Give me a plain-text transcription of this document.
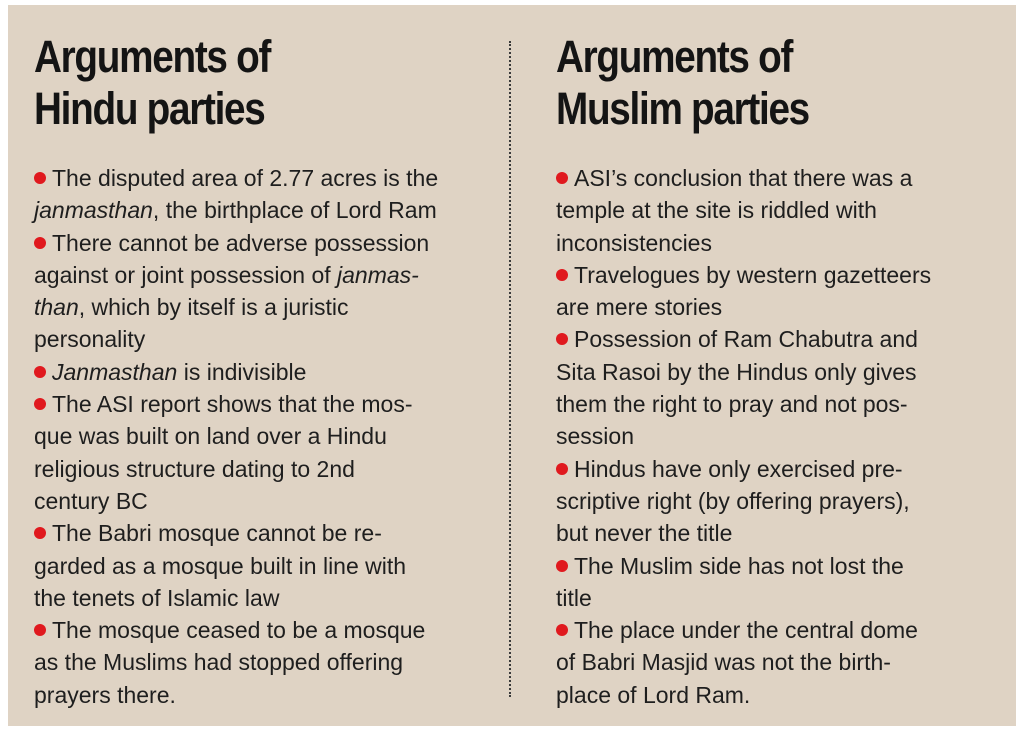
Arguments of
Hindu parties

The disputed area of 2.77 acres is the
janmasthan, the birthplace of Lord Ram

There cannot be adverse possession
against or joint possession of janmas-
than, which by itself is a juristic
personality

Janmasthan is indivisible

The ASI report shows that the mos-
que was built on land over a Hindu
religious structure dating to 2nd
century BC

The Babri mosque cannot be re-
garded as a mosque built in line with
the tenets of Islamic law

The mosque ceased to be a mosque
as the Muslims had stopped offering
prayers there.

Arguments of
Muslim parties

ASI’s conclusion that there was a
temple at the site is riddled with
inconsistencies

Travelogues by western gazetteers
are mere stories

Possession of Ram Chabutra and
Sita Rasoi by the Hindus only gives
them the right to pray and not pos-
session

Hindus have only exercised pre-
scriptive right (by offering prayers),
but never the title

The Muslim side has not lost the
title

The place under the central dome
of Babri Masjid was not the birth-
place of Lord Ram.
